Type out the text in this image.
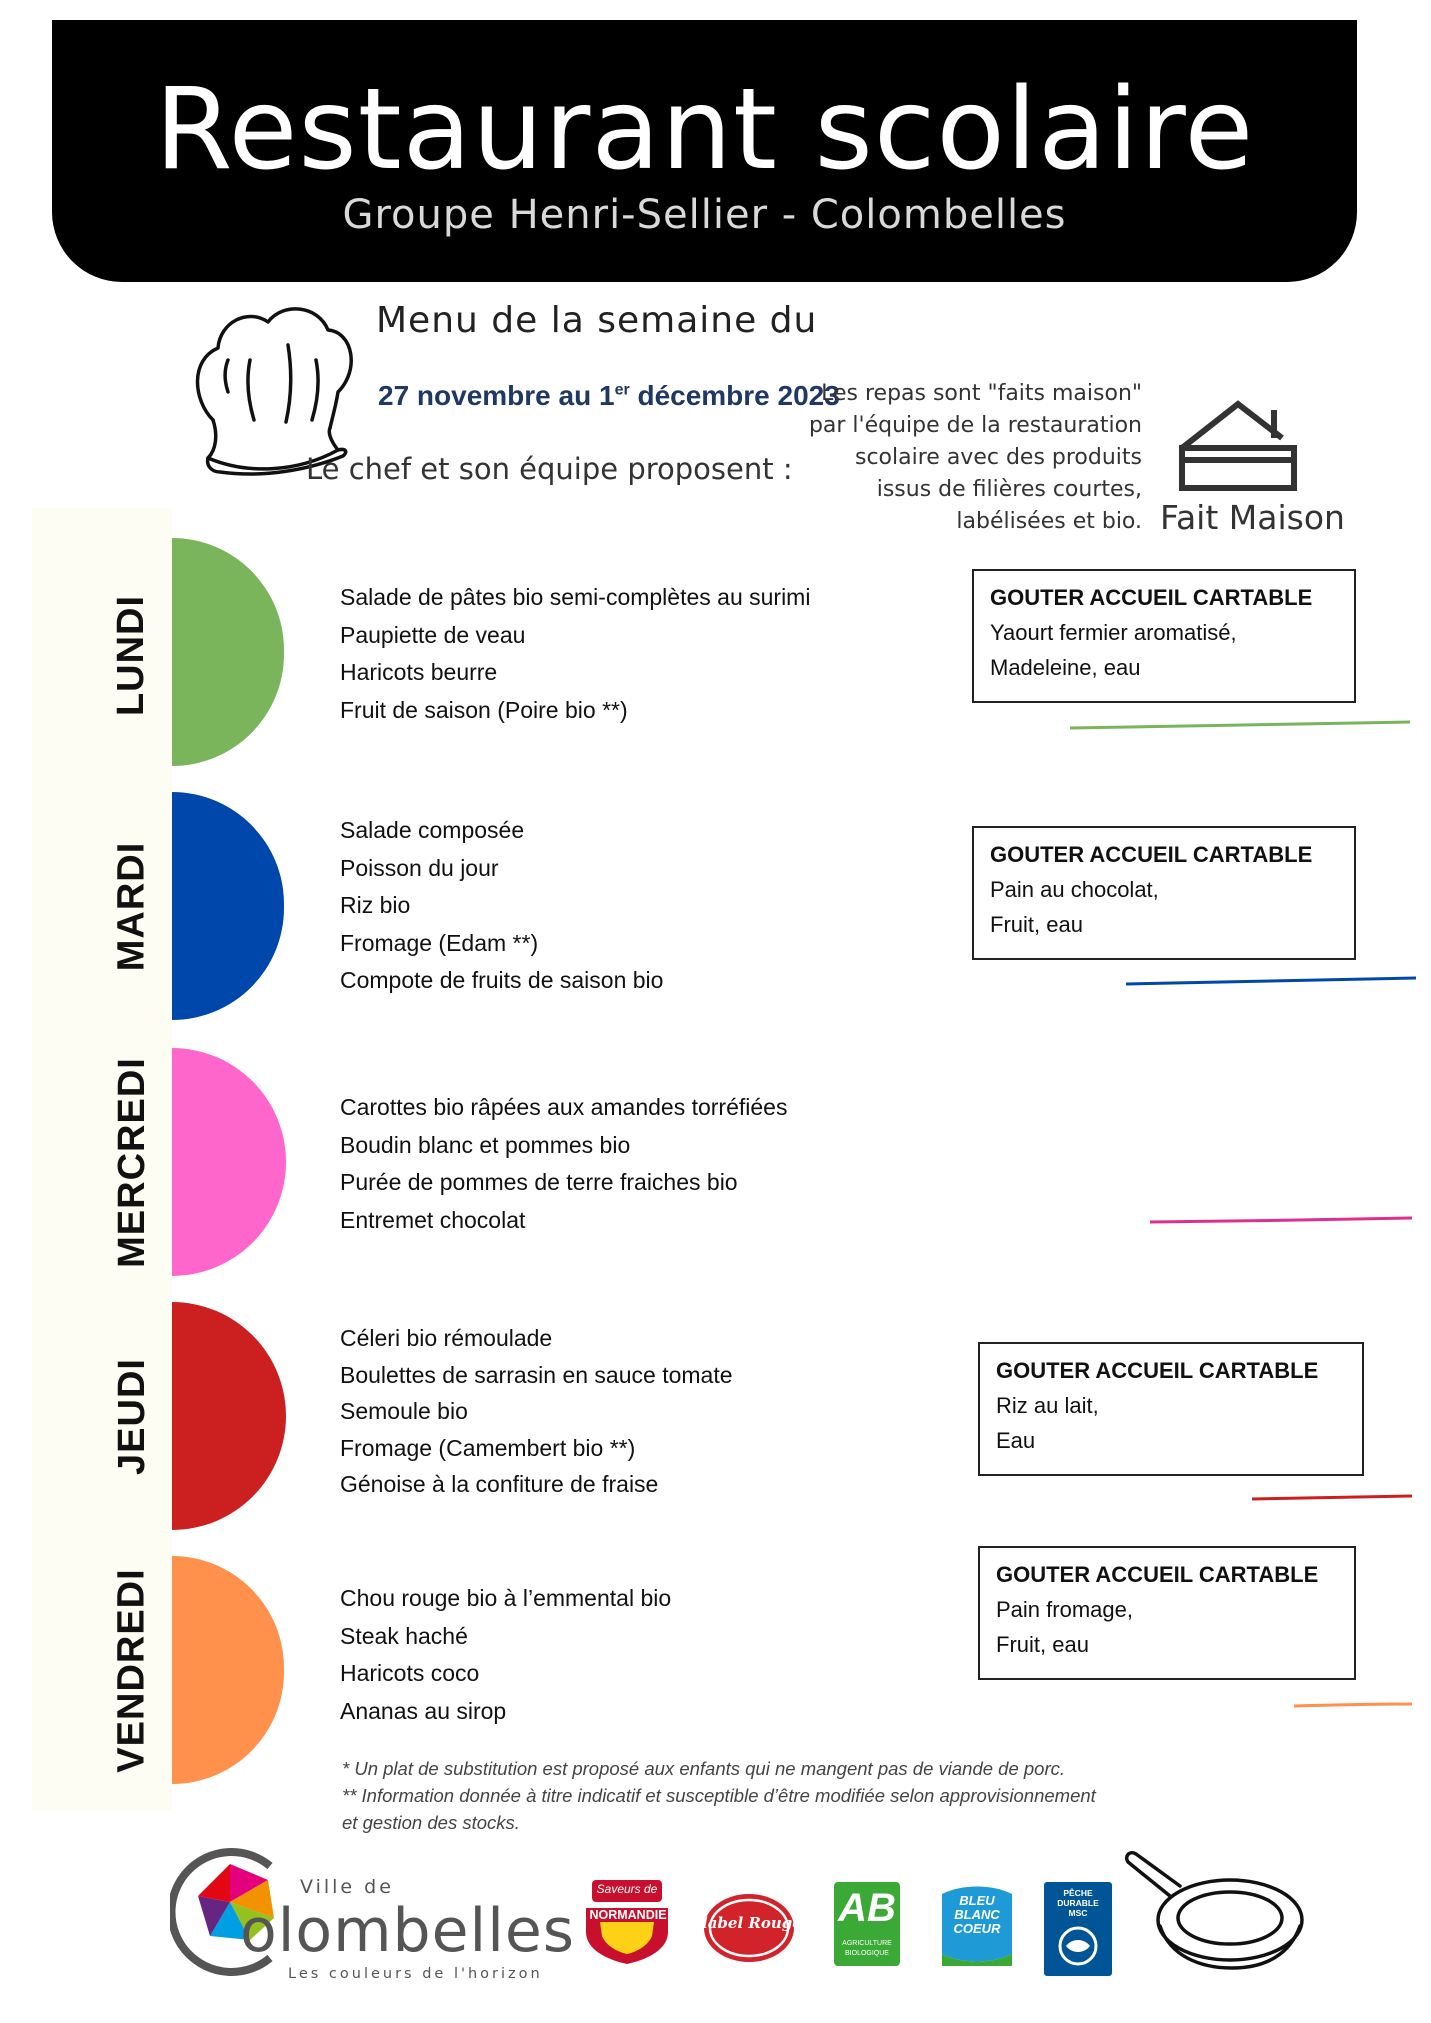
Restaurant scolaire
Groupe Henri-Sellier - Colombelles
Menu de la semaine du
27 novembre au 1er décembre 2023
Le chef et son équipe proposent :
Les repas sont "faits maison"
par l'équipe de la restauration
scolaire avec des produits
issus de filières courtes,
labélisées et bio. Fait Maison
LUNDI	Salade de pâtes bio semi-complètes au surimi
Paupiette de veau
Haricots beurre
Fruit de saison (Poire bio **)
GOUTER ACCUEIL CARTABLE
Yaourt fermier aromatisé,
Madeleine, eau
MARDI
Salade composée
Poisson du jour
Riz bio
Fromage (Edam **)
Compote de fruits de saison bio
GOUTER ACCUEIL CARTABLE
Pain au chocolat,
Fruit, eau
MERCREDI	Carottes bio râpées aux amandes torréfiées
Boudin blanc et pommes bio
Purée de pommes de terre fraiches bio
Entremet chocolat
JEUDI
Céleri bio rémoulade
Boulettes de sarrasin en sauce tomate
Semoule bio
Fromage (Camembert bio **)
Génoise à la confiture de fraise
GOUTER ACCUEIL CARTABLE
Riz au lait,
Eau
VENDREDI	Chou rouge bio à l’emmental bio
Steak haché
Haricots coco
Ananas au sirop
GOUTER ACCUEIL CARTABLE
Pain fromage,
Fruit, eau
* Un plat de substitution est proposé aux enfants qui ne mangent pas de viande de porc.
** Information donnée à titre indicatif et susceptible d’être modifiée selon approvisionnement
et gestion des stocks.
Ville de
olombelles
Les couleurs de l'horizon
Saveurs de
NORMANDIE	label Rouge AB
AGRICULTURE
BIOLOGIQUE
BLEU
BLANC
COEUR
PÊCHE
DURABLE
MSC
